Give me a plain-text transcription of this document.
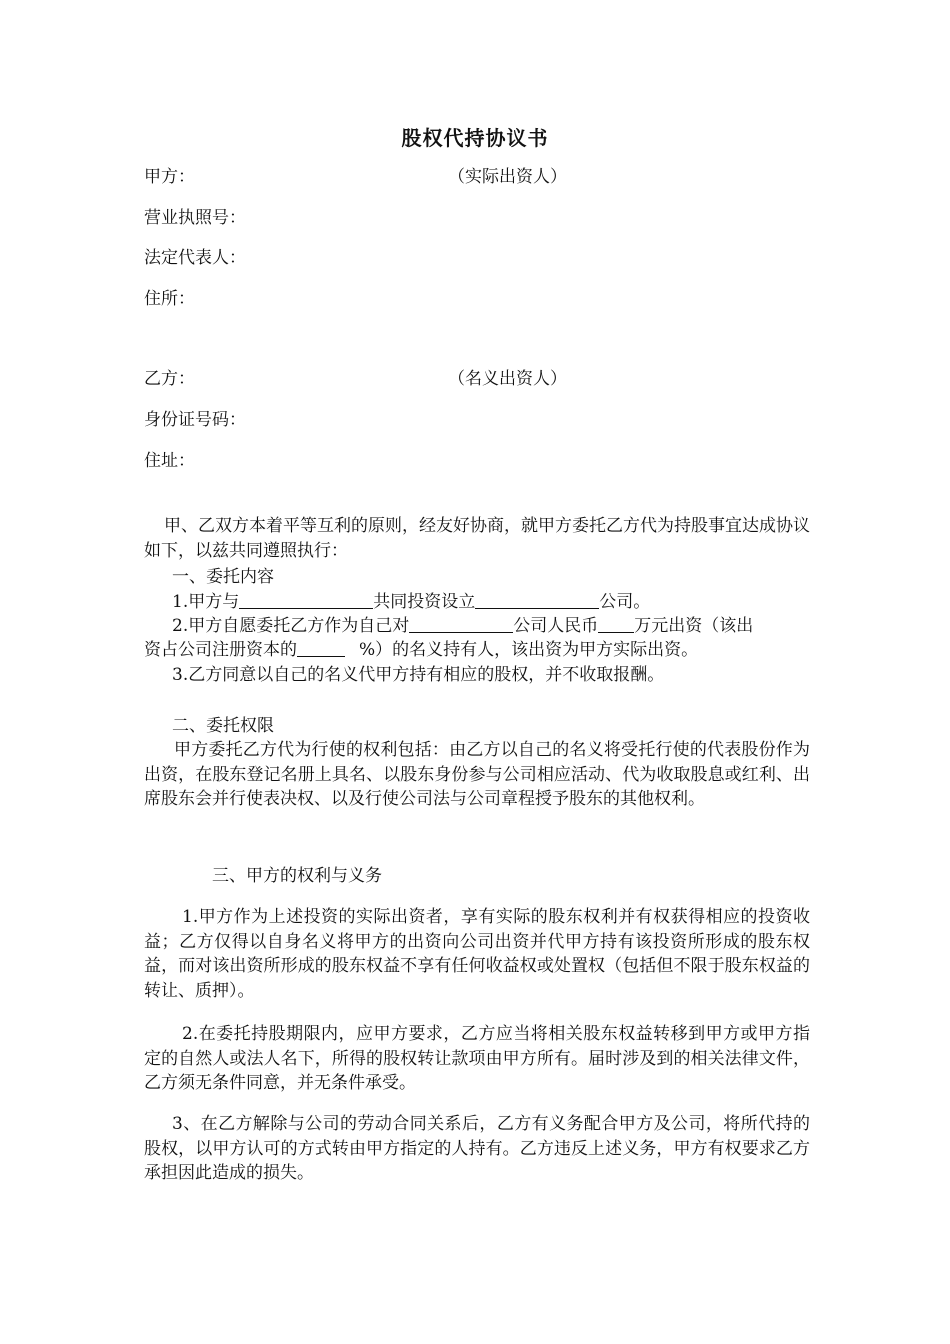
股权代持协议书
甲方：	（实际出资人）
营业执照号：
法定代表人：
住所：
乙方：	（名义出资人）
身份证号码：
住址：
甲、乙双方本着平等互利的原则，经友好协商，就甲方委托乙方代为持股事宜达成协议如下，以兹共同遵照执行：
一、委托内容
1.甲方与	共同投资设立	公司。
2.甲方自愿委托乙方作为自己对	公司人民币 万元出资（该出
资占公司注册资本的	%）的名义持有人，该出资为甲方实际出资。
3.乙方同意以自己的名义代甲方持有相应的股权，并不收取报酬。
二、委托权限
甲方委托乙方代为行使的权利包括：由乙方以自己的名义将受托行使的代表股份作为出资，在股东登记名册上具名、以股东身份参与公司相应活动、代为收取股息或红利、出席股东会并行使表决权、以及行使公司法与公司章程授予股东的其他权利。
三、甲方的权利与义务
1.甲方作为上述投资的实际出资者，享有实际的股东权利并有权获得相应的投资收益；乙方仅得以自身名义将甲方的出资向公司出资并代甲方持有该投资所形成的股东权益，而对该出资所形成的股东权益不享有任何收益权或处置权（包括但不限于股东权益的转让、质押）。
2.在委托持股期限内，应甲方要求，乙方应当将相关股东权益转移到甲方或甲方指定的自然人或法人名下，所得的股权转让款项由甲方所有。届时涉及到的相关法律文件，乙方须无条件同意，并无条件承受。
3、在乙方解除与公司的劳动合同关系后，乙方有义务配合甲方及公司，将所代持的股权，以甲方认可的方式转由甲方指定的人持有。乙方违反上述义务，甲方有权要求乙方承担因此造成的损失。
